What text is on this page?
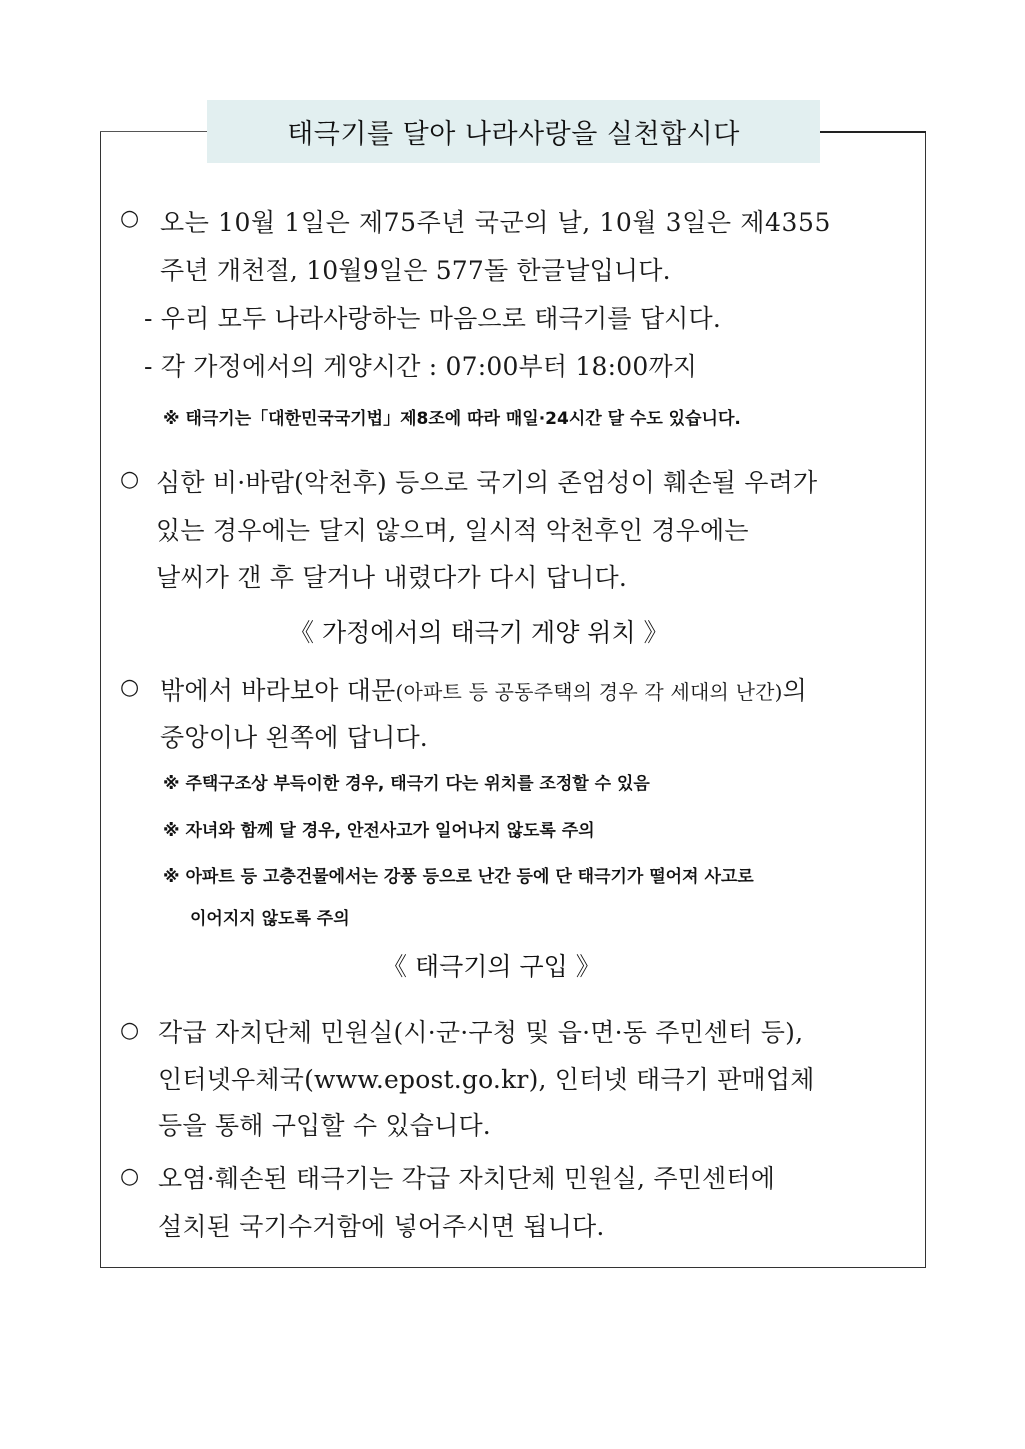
태극기를 달아 나라사랑을 실천합시다
○ 오는 10월 1일은 제75주년 국군의 날, 10월 3일은 제4355
주년 개천절, 10월9일은 577돌 한글날입니다.
- 우리 모두 나라사랑하는 마음으로 태극기를 답시다.
- 각 가정에서의 게양시간 : 07:00부터 18:00까지
※ 태극기는「대한민국국기법」제8조에 따라 매일·24시간 달 수도 있습니다.
○ 심한 비·바람(악천후) 등으로 국기의 존엄성이 훼손될 우려가
있는 경우에는 달지 않으며, 일시적 악천후인 경우에는
날씨가 갠 후 달거나 내렸다가 다시 답니다.
《 가정에서의 태극기 게양 위치 》
○ 밖에서 바라보아 대문(아파트 등 공동주택의 경우 각 세대의 난간)의
중앙이나 왼쪽에 답니다.
※ 주택구조상 부득이한 경우, 태극기 다는 위치를 조정할 수 있음
※ 자녀와 함께 달 경우, 안전사고가 일어나지 않도록 주의
※ 아파트 등 고층건물에서는 강풍 등으로 난간 등에 단 태극기가 떨어져 사고로
이어지지 않도록 주의
《 태극기의 구입 》
○ 각급 자치단체 민원실(시·군·구청 및 읍·면·동 주민센터 등),
인터넷우체국(www.epost.go.kr), 인터넷 태극기 판매업체
등을 통해 구입할 수 있습니다.
○ 오염·훼손된 태극기는 각급 자치단체 민원실, 주민센터에
설치된 국기수거함에 넣어주시면 됩니다.
